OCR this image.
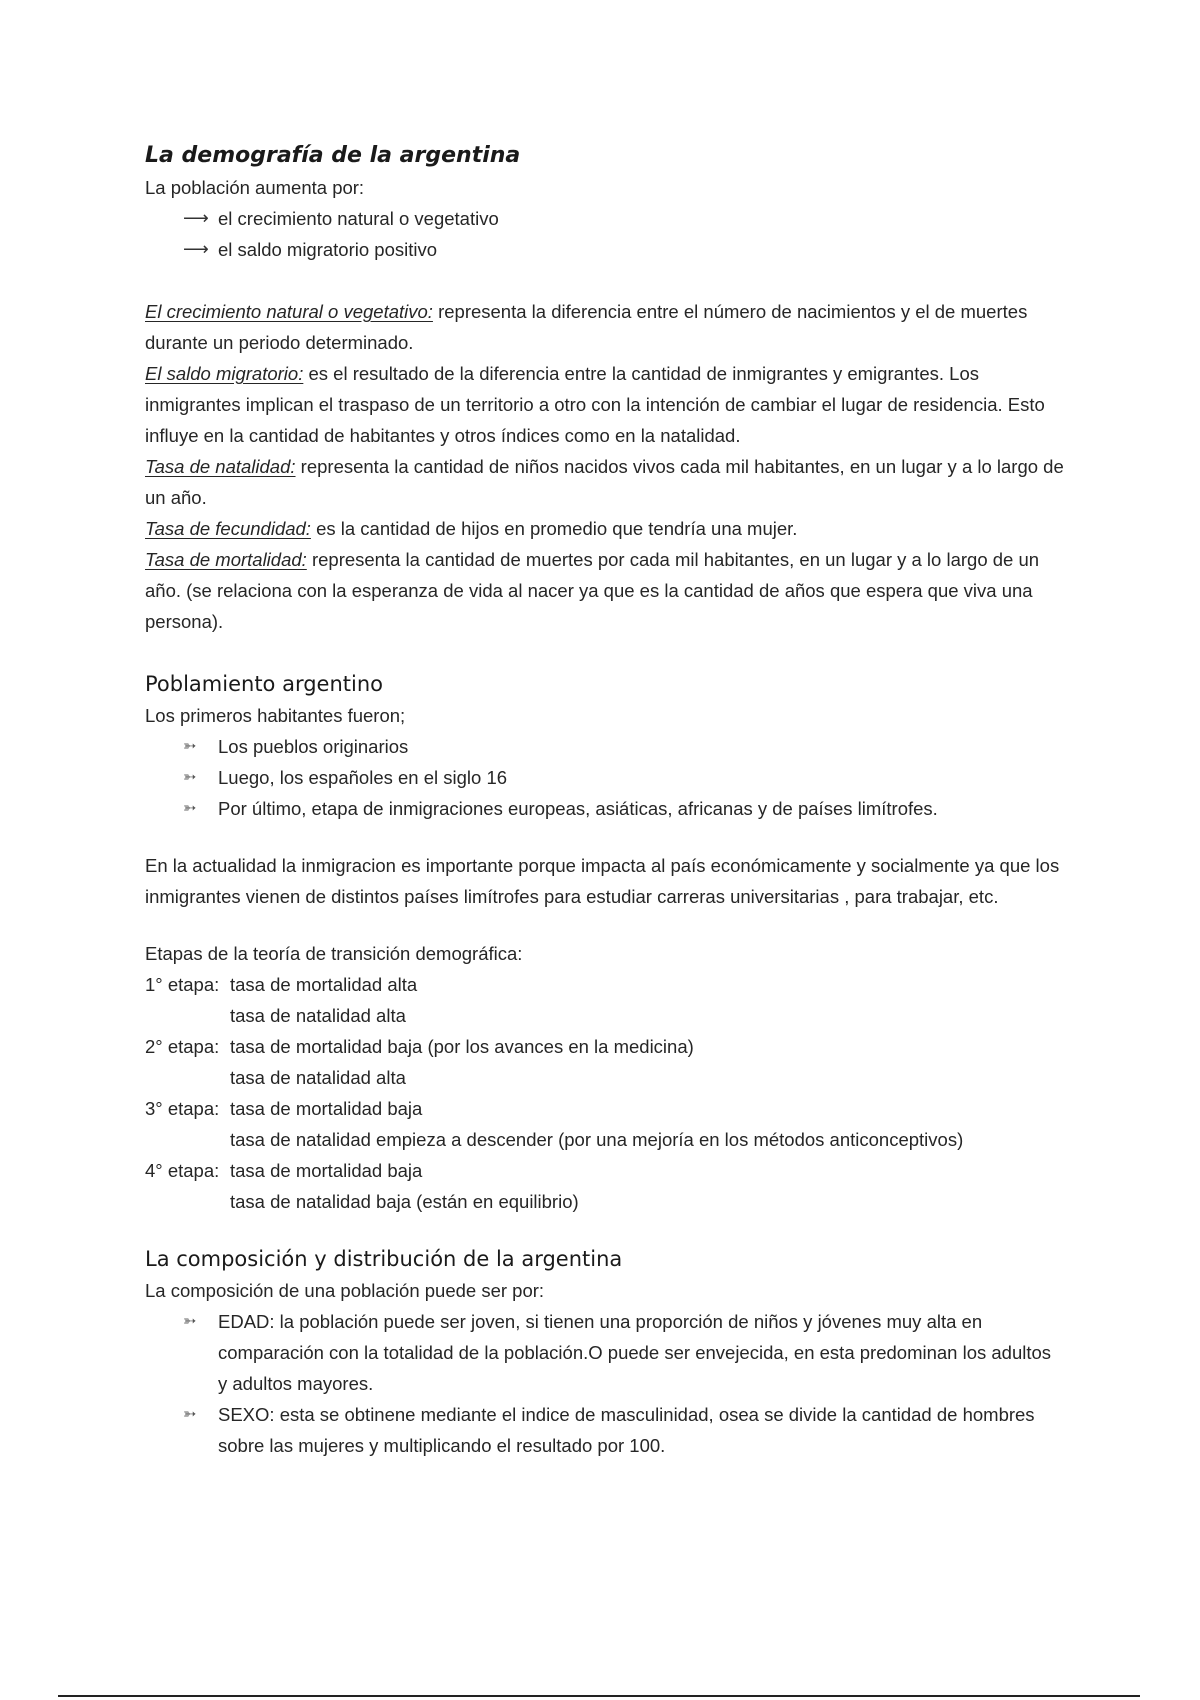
La demografía de la argentina

La población aumenta por:

⟶ el crecimiento natural o vegetativo
⟶ el saldo migratorio positivo

El crecimiento natural o vegetativo: representa la diferencia entre el número de nacimientos y el de muertes durante un periodo determinado.

El saldo migratorio: es el resultado de la diferencia entre la cantidad de inmigrantes y emigrantes. Los inmigrantes implican el traspaso de un territorio a otro con la intención de cambiar el lugar de residencia. Esto influye en la cantidad de habitantes y otros índices como en la natalidad.

Tasa de natalidad: representa la cantidad de niños nacidos vivos cada mil habitantes, en un lugar y a lo largo de un año.

Tasa de fecundidad: es la cantidad de hijos en promedio que tendría una mujer.

Tasa de mortalidad: representa la cantidad de muertes por cada mil habitantes, en un lugar y a lo largo de un año. (se relaciona con la esperanza de vida al nacer ya que es la cantidad de años que espera que viva una persona).

Poblamiento argentino

Los primeros habitantes fueron;

➳ Los pueblos originarios
➳ Luego, los españoles en el siglo 16
➳ Por último, etapa de inmigraciones europeas, asiáticas, africanas y de países limítrofes.

En la actualidad la inmigracion es importante porque impacta al país económicamente y socialmente ya que los inmigrantes vienen de distintos países limítrofes para estudiar carreras universitarias , para trabajar, etc.

Etapas de la teoría de transición demográfica:

1° etapa: tasa de mortalidad alta
tasa de natalidad alta
2° etapa: tasa de mortalidad baja (por los avances en la medicina)
tasa de natalidad alta
3° etapa: tasa de mortalidad baja
tasa de natalidad empieza a descender (por una mejoría en los métodos anticonceptivos)
4° etapa: tasa de mortalidad baja
tasa de natalidad baja (están en equilibrio)

La composición y distribución de la argentina

La composición de una población puede ser por:

➳ EDAD: la población puede ser joven, si tienen una proporción de niños y jóvenes muy alta en comparación con la totalidad de la población.O puede ser envejecida, en esta predominan los adultos y adultos mayores.
➳ SEXO: esta se obtinene mediante el indice de masculinidad, osea se divide la cantidad de hombres sobre las mujeres y multiplicando el resultado por 100.
